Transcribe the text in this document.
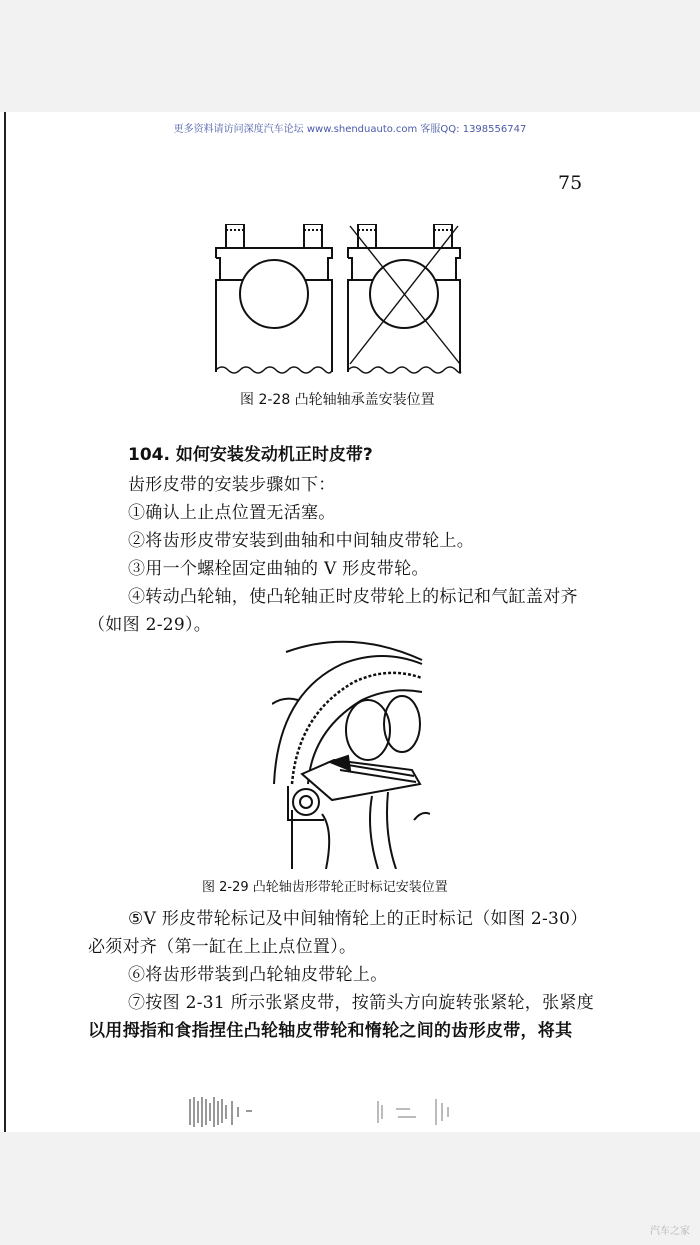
更多资料请访问深度汽车论坛 www.shenduauto.com 客服QQ: 1398556747
75
图 2-28 凸轮轴轴承盖安装位置
104. 如何安装发动机正时皮带?
齿形皮带的安装步骤如下：
①确认上止点位置无活塞。
②将齿形皮带安装到曲轴和中间轴皮带轮上。
③用一个螺栓固定曲轴的 V 形皮带轮。
④转动凸轮轴，使凸轮轴正时皮带轮上的标记和气缸盖对齐
（如图 2-29）。
图 2-29 凸轮轴齿形带轮正时标记安装位置
⑤V 形皮带轮标记及中间轴惰轮上的正时标记（如图 2-30）
必须对齐（第一缸在上止点位置）。
⑥将齿形带装到凸轮轴皮带轮上。
⑦按图 2-31 所示张紧皮带，按箭头方向旋转张紧轮，张紧度
以用拇指和食指捏住凸轮轴皮带轮和惰轮之间的齿形皮带，将其
汽车之家
